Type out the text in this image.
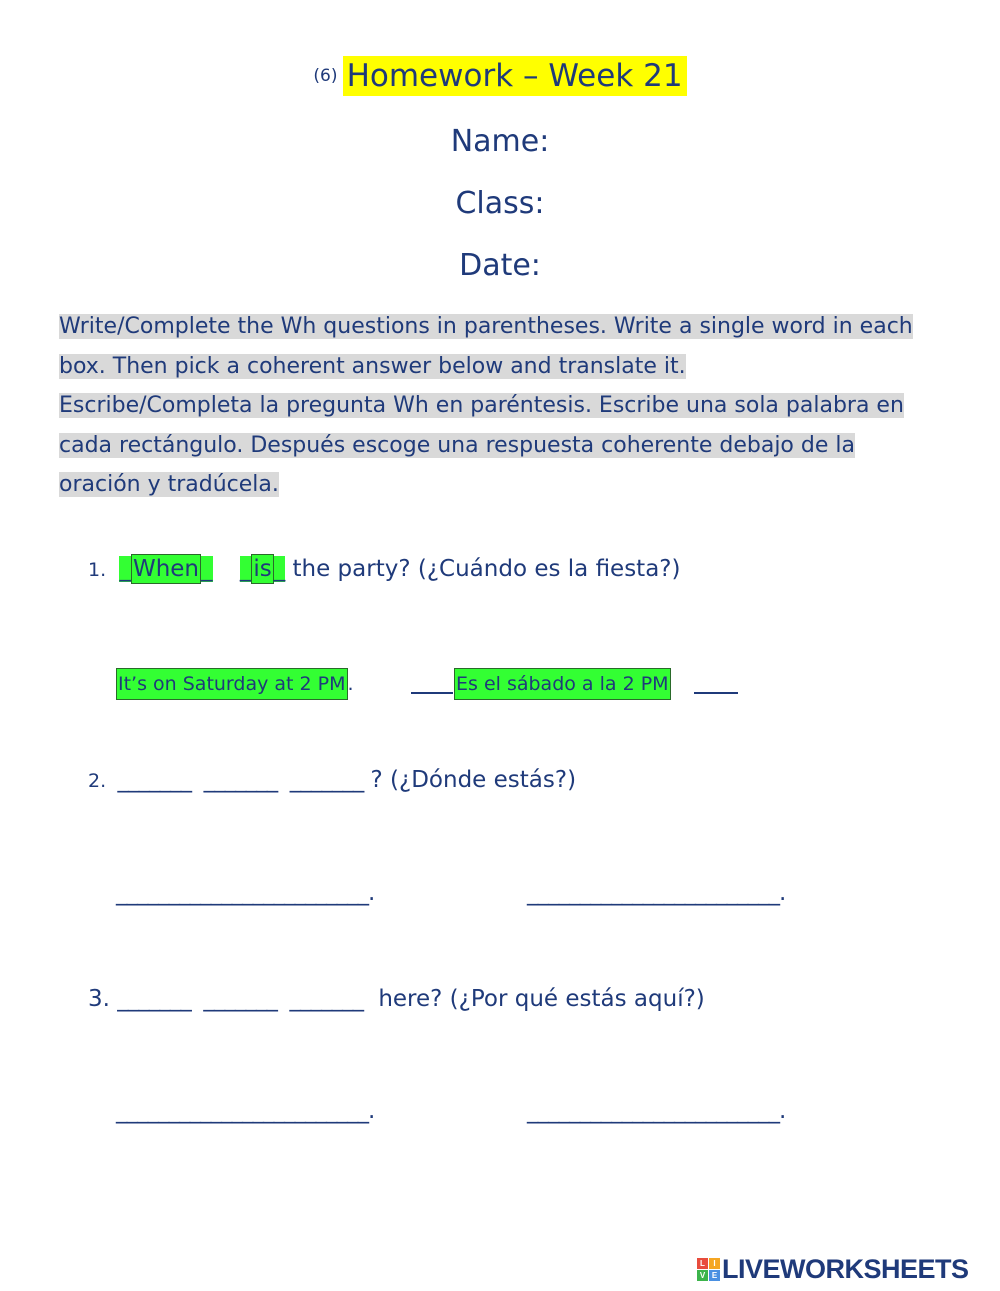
(6) Homework – Week 21
Name:
Class:
Date:
Write/Complete the Wh questions in parentheses. Write a single word in each box. Then pick a coherent answer below and translate it.
Escribe/Completa la pregunta Wh en paréntesis. Escribe una sola palabra en cada rectángulo. Después escoge una respuesta coherente debajo de la oración y tradúcela.
1. _When_ _is_ the party? (¿Cuándo es la fiesta?)
It’s on Saturday at 2 PM .	Es el sábado a la 2 PM
2. _______  _______  _______ ? (¿Dónde estás?)
________________________.	________________________.
3. _______  _______  _______ here? (¿Por qué estás aquí?)
________________________.	________________________.
L	I
V E LIVEWORKSHEETS
